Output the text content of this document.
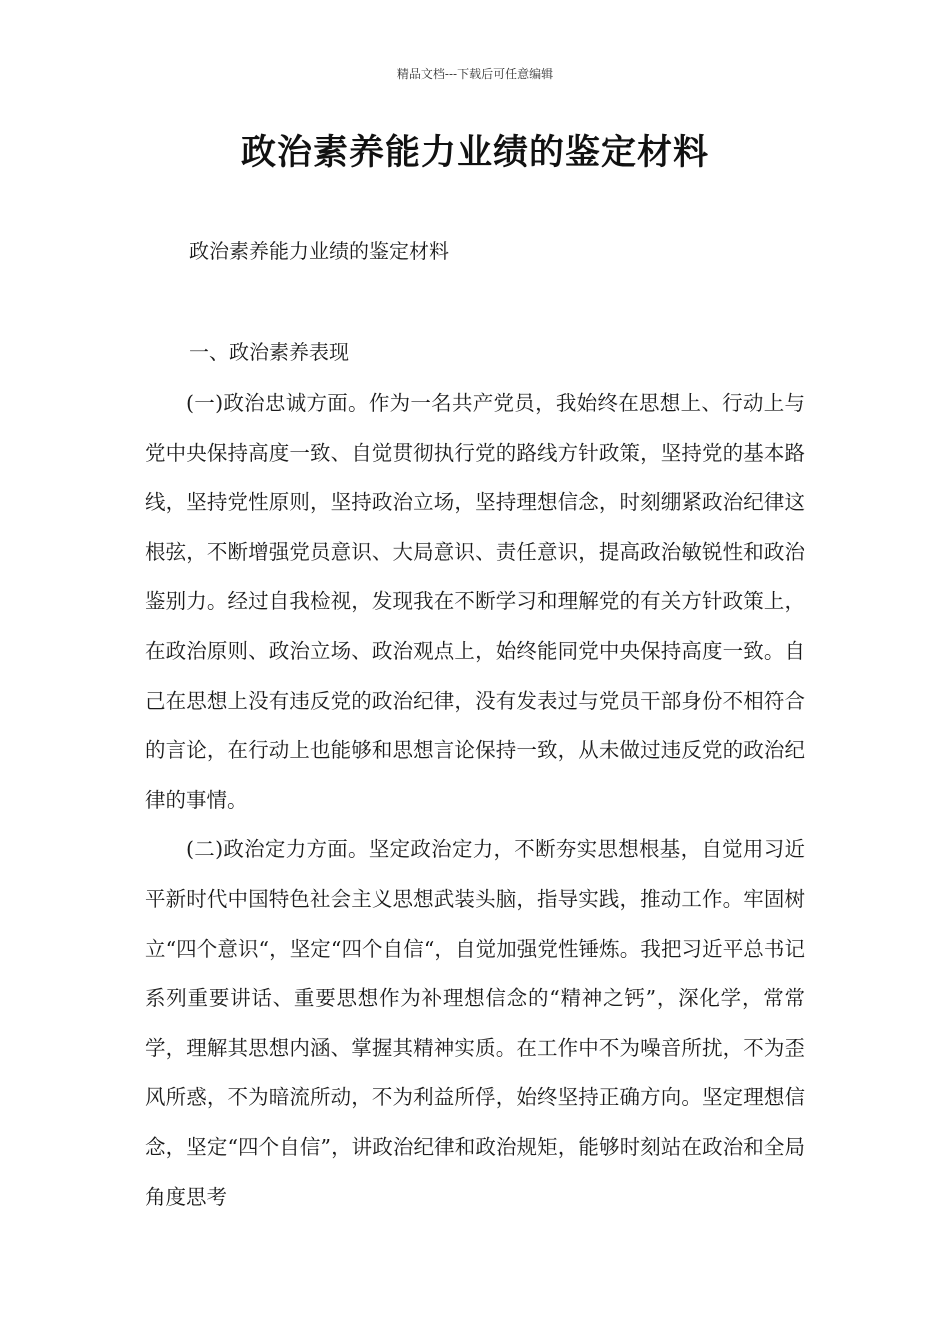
精品文档---下载后可任意编辑
政治素养能力业绩的鉴定材料

政治素养能力业绩的鉴定材料

一、政治素养表现

(一)政治忠诚方面。作为一名共产党员，我始终在思想上、行动上与党中央保持高度一致、自觉贯彻执行党的路线方针政策，坚持党的基本路线，坚持党性原则，坚持政治立场，坚持理想信念，时刻绷紧政治纪律这根弦，不断增强党员意识、大局意识、责任意识，提高政治敏锐性和政治鉴别力。经过自我检视，发现我在不断学习和理解党的有关方针政策上，在政治原则、政治立场、政治观点上，始终能同党中央保持高度一致。自己在思想上没有违反党的政治纪律，没有发表过与党员干部身份不相符合的言论，在行动上也能够和思想言论保持一致，从未做过违反党的政治纪律的事情。

(二)政治定力方面。坚定政治定力，不断夯实思想根基，自觉用习近平新时代中国特色社会主义思想武装头脑，指导实践，推动工作。牢固树立“四个意识“，坚定“四个自信“，自觉加强党性锤炼。我把习近平总书记系列重要讲话、重要思想作为补理想信念的“精神之钙”，深化学，常常学，理解其思想内涵、掌握其精神实质。在工作中不为噪音所扰，不为歪风所惑，不为暗流所动，不为利益所俘，始终坚持正确方向。坚定理想信念，坚定“四个自信”，讲政治纪律和政治规矩，能够时刻站在政治和全局角度思考
